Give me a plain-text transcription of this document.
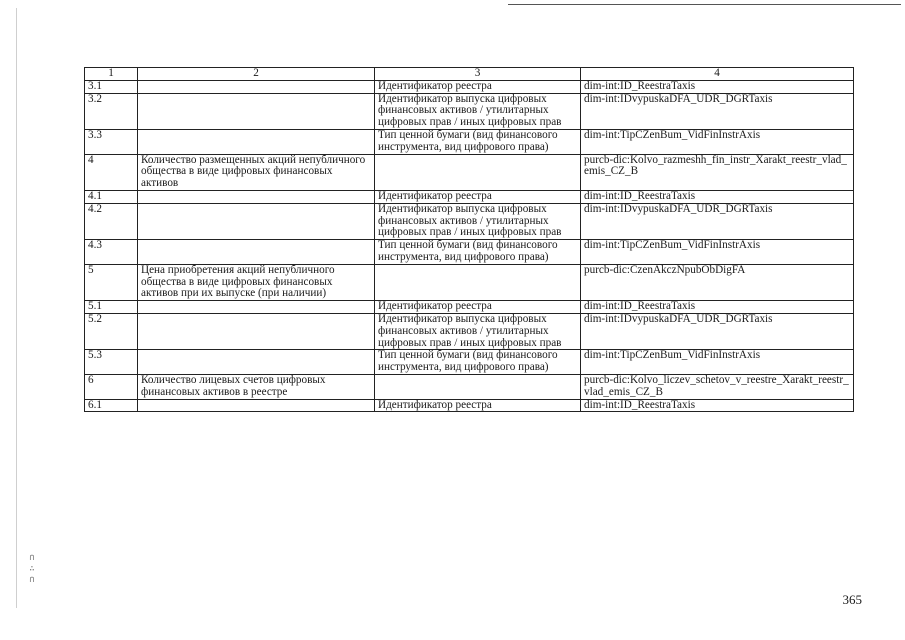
∩
∴
∩
1	2	3	4
3.1		Идентификатор реестра	dim-int:ID_ReestraTaxis
3.2		Идентификатор выпуска цифровых финансовых активов / утилитарных цифровых прав / иных цифровых прав	dim-int:IDvypuskaDFA_UDR_DGRTaxis
3.3		Тип ценной бумаги (вид финансового инструмента, вид цифрового права)	dim-int:TipCZenBum_VidFinInstrAxis
4	Количество размещенных акций непубличного общества в виде цифровых финансовых активов		purcb-dic:Kolvo_razmeshh_fin_instr_Xarakt_reestr_vlad_emis_CZ_B
4.1		Идентификатор реестра	dim-int:ID_ReestraTaxis
4.2		Идентификатор выпуска цифровых финансовых активов / утилитарных цифровых прав / иных цифровых прав	dim-int:IDvypuskaDFA_UDR_DGRTaxis
4.3		Тип ценной бумаги (вид финансового инструмента, вид цифрового права)	dim-int:TipCZenBum_VidFinInstrAxis
5	Цена приобретения акций непубличного общества в виде цифровых финансовых активов при их выпуске (при наличии)		purcb-dic:CzenAkczNpubObDigFA
5.1		Идентификатор реестра	dim-int:ID_ReestraTaxis
5.2		Идентификатор выпуска цифровых финансовых активов / утилитарных цифровых прав / иных цифровых прав	dim-int:IDvypuskaDFA_UDR_DGRTaxis
5.3		Тип ценной бумаги (вид финансового инструмента, вид цифрового права)	dim-int:TipCZenBum_VidFinInstrAxis
6	Количество лицевых счетов цифровых финансовых активов в реестре		purcb-dic:Kolvo_liczev_schetov_v_reestre_Xarakt_reestr_vlad_emis_CZ_B
6.1		Идентификатор реестра	dim-int:ID_ReestraTaxis
365
